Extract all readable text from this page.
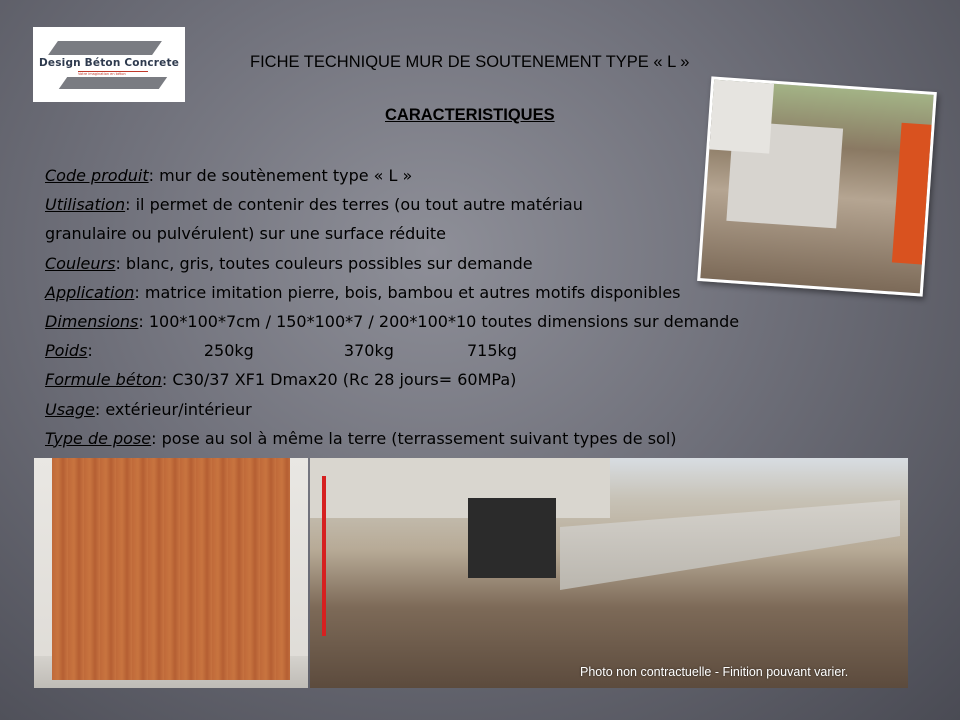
Design Béton Concrete
Votre imagination en béton
FICHE TECHNIQUE MUR DE SOUTENEMENT TYPE « L »
CARACTERISTIQUES
Code produit: mur de soutènement type « L »
Utilisation: il permet de contenir des terres (ou tout autre matériau
granulaire ou pulvérulent) sur une surface réduite
Couleurs: blanc, gris, toutes couleurs possibles sur demande
Application: matrice imitation pierre, bois, bambou et autres motifs disponibles
Dimensions: 100*100*7cm / 150*100*7 / 200*100*10 toutes dimensions sur demande
Poids:	250kg	370kg	715kg
Formule béton: C30/37 XF1 Dmax20 (Rc 28 jours= 60MPa)
Usage: extérieur/intérieur
Type de pose: pose au sol à même la terre (terrassement suivant types de sol)
Photo non contractuelle - Finition pouvant varier.
